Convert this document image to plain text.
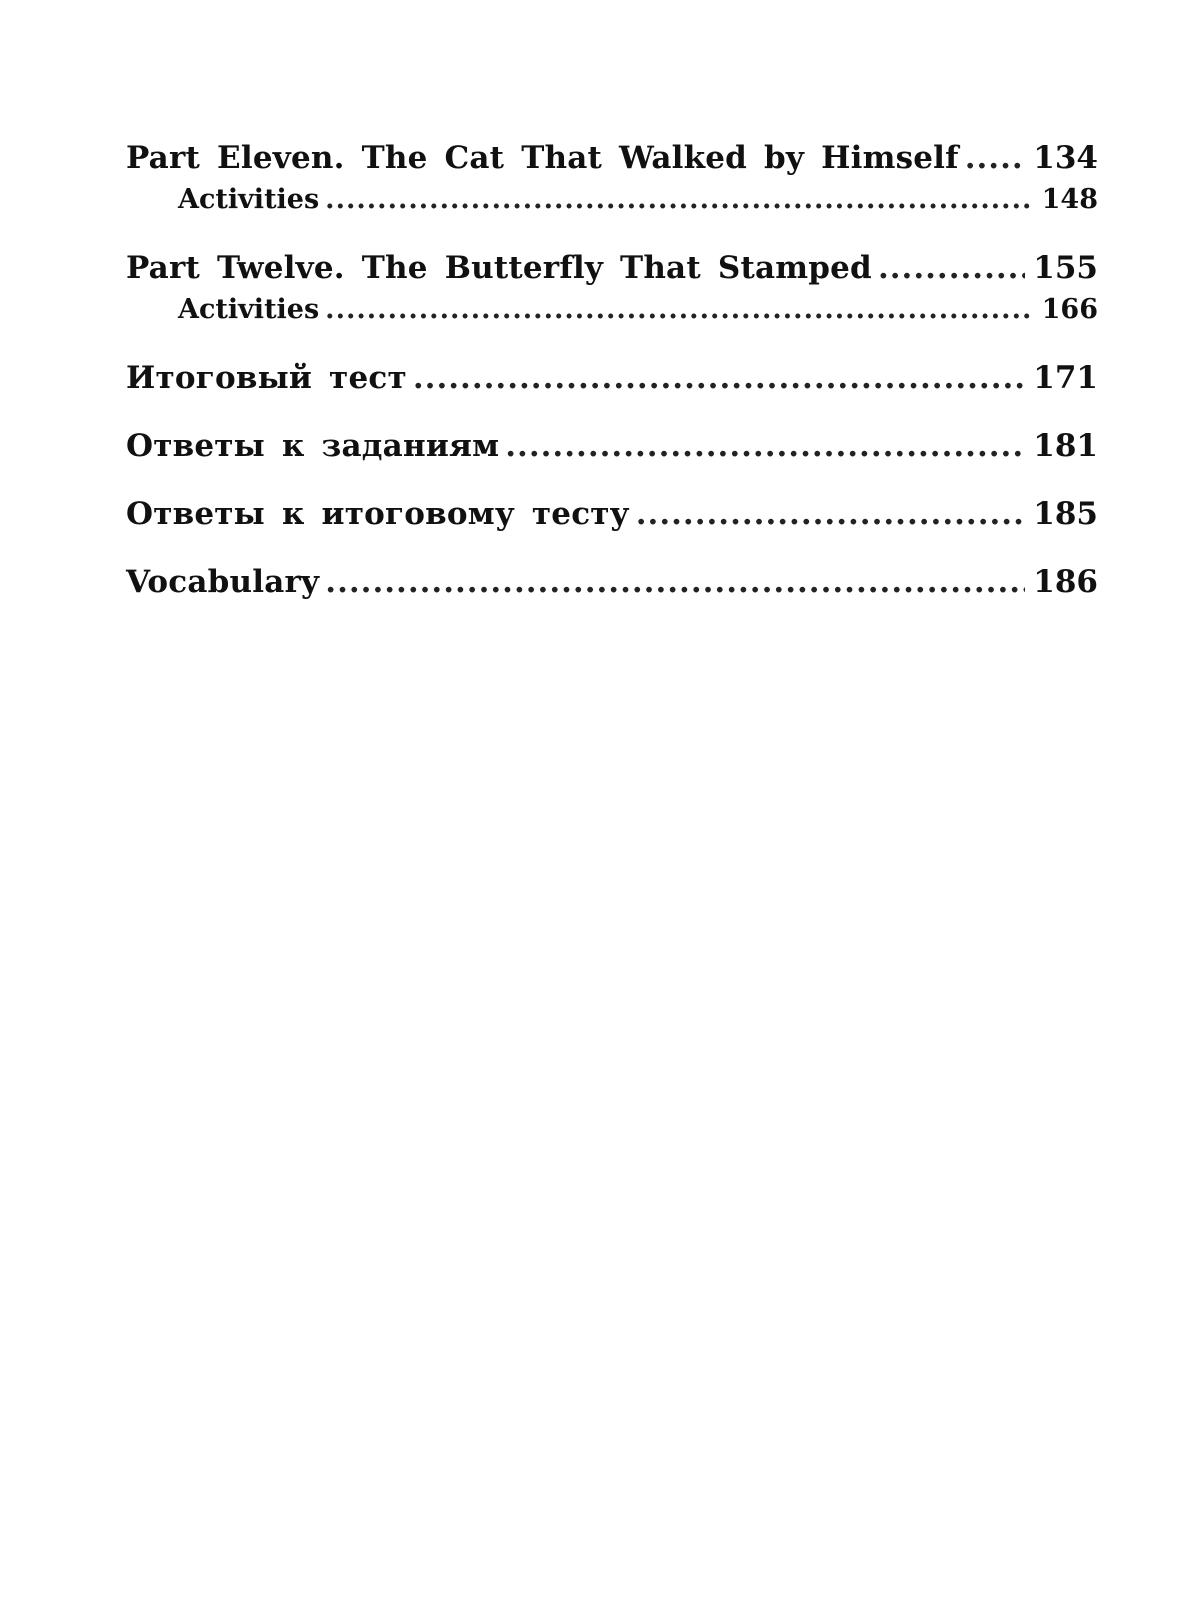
Part Eleven. The Cat That Walked by Himself ..... 134
Activities .....	148
Part Twelve. The Butterfly That Stamped .....	155
Activities .....	166
Итоговый тест .....	171
Ответы к заданиям .....	181
Ответы к итоговому тесту .....	185
Vocabulary .....	186
